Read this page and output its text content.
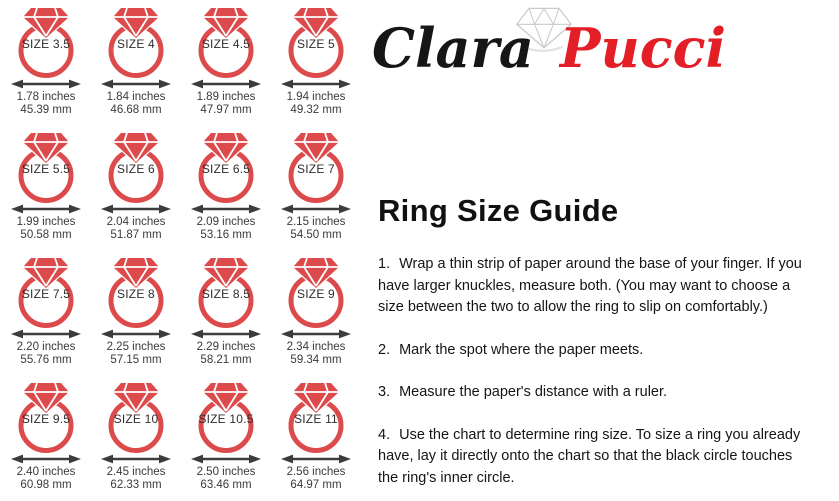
SIZE 3.5
1.78 inches
45.39 mm
SIZE 4
1.84 inches
46.68 mm
SIZE 4.5
1.89 inches
47.97 mm
SIZE 5
1.94 inches
49.32 mm
SIZE 5.5
1.99 inches
50.58 mm
SIZE 6
2.04 inches
51.87 mm
SIZE 6.5
2.09 inches
53.16 mm
SIZE 7
2.15 inches
54.50 mm
SIZE 7.5
2.20 inches
55.76 mm
SIZE 8
2.25 inches
57.15 mm
SIZE 8.5
2.29 inches
58.21 mm
SIZE 9
2.34 inches
59.34 mm
SIZE 9.5
2.40 inches
60.98 mm
SIZE 10
2.45 inches
62.33 mm
SIZE 10.5
2.50 inches
63.46 mm
SIZE 11
2.56 inches
64.97 mm
Clara Pucci
Ring Size Guide
1. Wrap a thin strip of paper around the base of your finger. If you
have larger knuckles, measure both. (You may want to choose a
size between the two to allow the ring to slip on comfortably.)
2. Mark the spot where the paper meets.
3. Measure the paper's distance with a ruler.
4. Use the chart to determine ring size. To size a ring you already
have, lay it directly onto the chart so that the black circle touches
the ring's inner circle.
